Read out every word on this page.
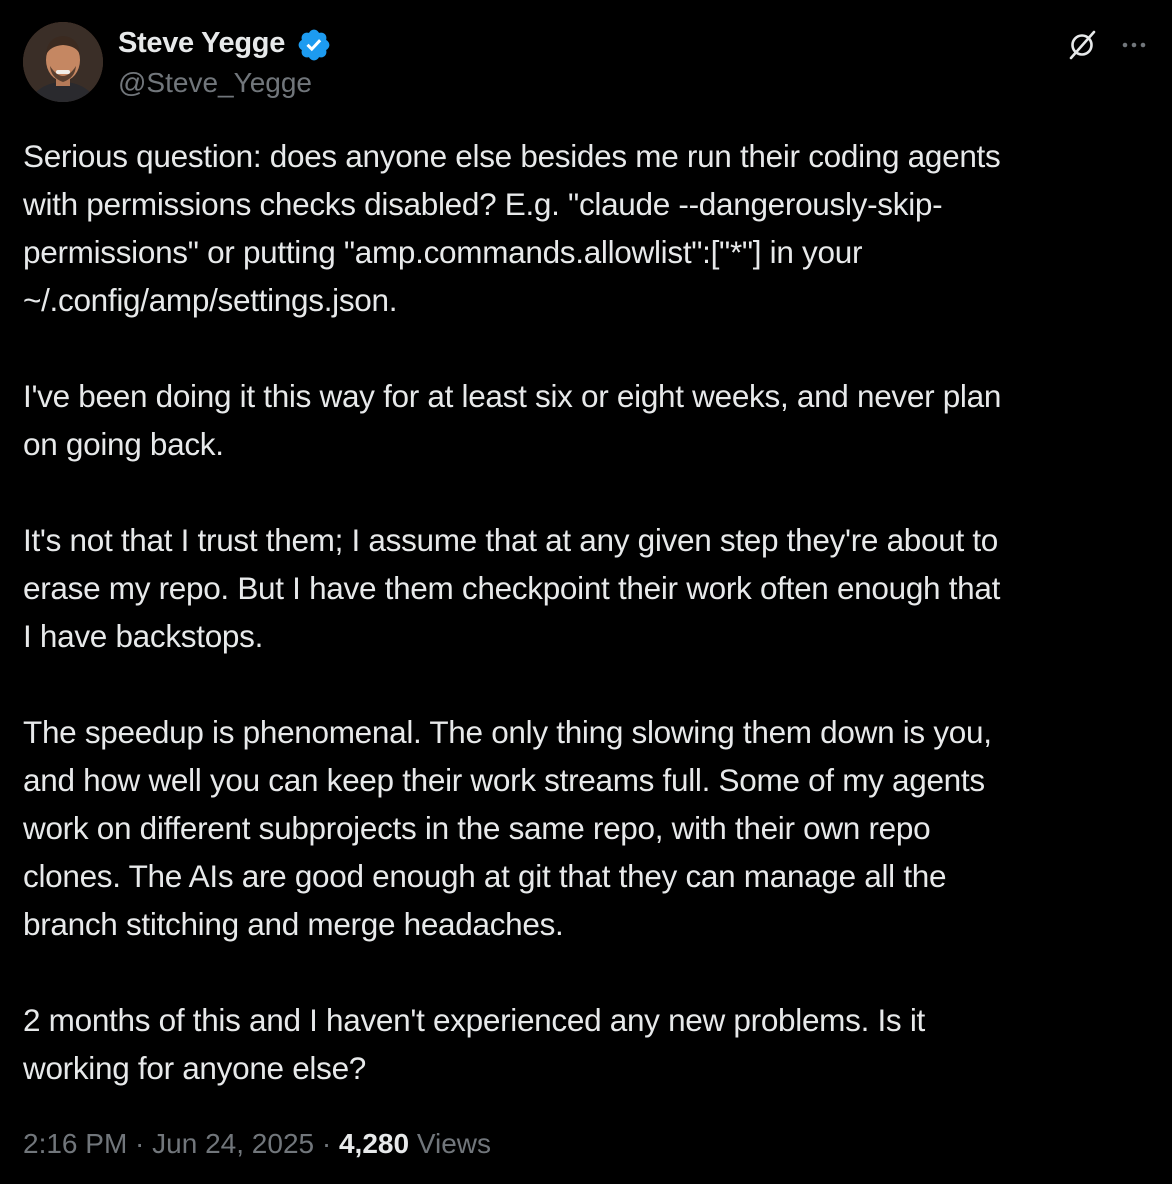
Steve Yegge
@Steve_Yegge

Serious question: does anyone else besides me run their coding agents
with permissions checks disabled? E.g. "claude --dangerously-skip-
permissions" or putting "amp.commands.allowlist":["*"] in your
~/.config/amp/settings.json.

I've been doing it this way for at least six or eight weeks, and never plan
on going back.

It's not that I trust them; I assume that at any given step they're about to
erase my repo. But I have them checkpoint their work often enough that
I have backstops.

The speedup is phenomenal. The only thing slowing them down is you,
and how well you can keep their work streams full. Some of my agents
work on different subprojects in the same repo, with their own repo
clones. The AIs are good enough at git that they can manage all the
branch stitching and merge headaches.

2 months of this and I haven't experienced any new problems. Is it
working for anyone else?

2:16 PM · Jun 24, 2025 · 4,280 Views
